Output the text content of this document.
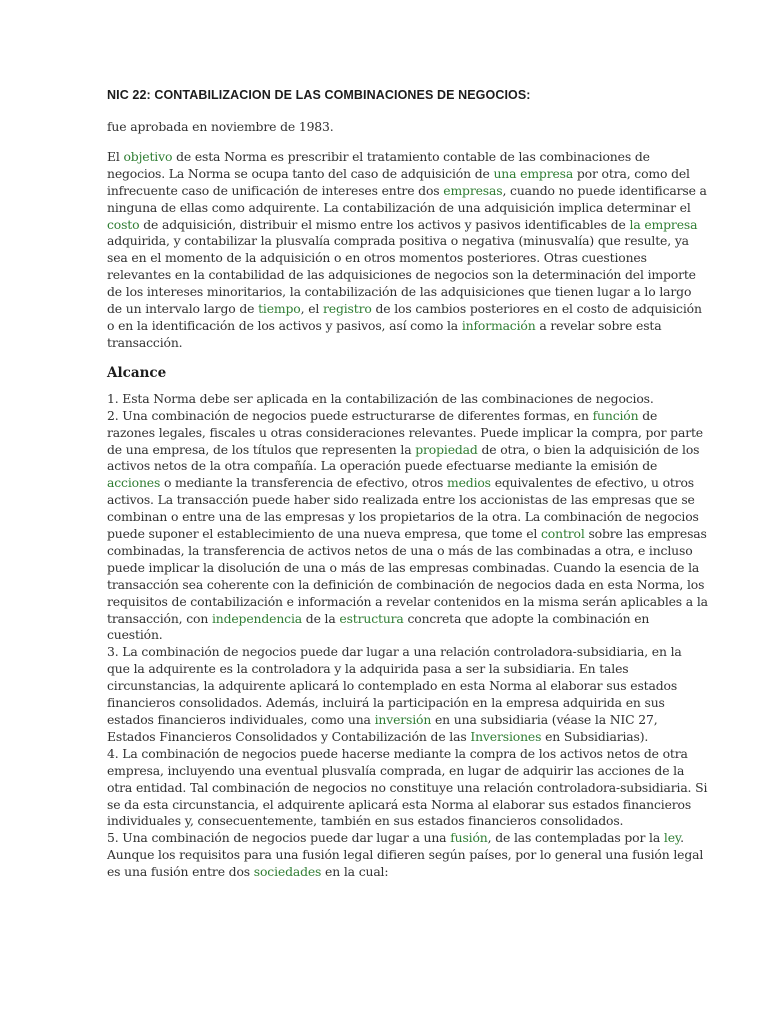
NIC 22: CONTABILIZACION DE LAS COMBINACIONES DE NEGOCIOS:
fue aprobada en noviembre de 1983.
El objetivo de esta Norma es prescribir el tratamiento contable de las combinaciones de negocios. La Norma se ocupa tanto del caso de adquisición de una empresa por otra, como del infrecuente caso de unificación de intereses entre dos empresas, cuando no puede identificarse a ninguna de ellas como adquirente. La contabilización de una adquisición implica determinar el costo de adquisición, distribuir el mismo entre los activos y pasivos identificables de la empresa adquirida, y contabilizar la plusvalía comprada positiva o negativa (minusvalía) que resulte, ya sea en el momento de la adquisición o en otros momentos posteriores. Otras cuestiones relevantes en la contabilidad de las adquisiciones de negocios son la determinación del importe de los intereses minoritarios, la contabilización de las adquisiciones que tienen lugar a lo largo de un intervalo largo de tiempo, el registro de los cambios posteriores en el costo de adquisición o en la identificación de los activos y pasivos, así como la información a revelar sobre esta transacción.
Alcance
1. Esta Norma debe ser aplicada en la contabilización de las combinaciones de negocios.
2. Una combinación de negocios puede estructurarse de diferentes formas, en función de razones legales, fiscales u otras consideraciones relevantes. Puede implicar la compra, por parte de una empresa, de los títulos que representen la propiedad de otra, o bien la adquisición de los activos netos de la otra compañía. La operación puede efectuarse mediante la emisión de acciones o mediante la transferencia de efectivo, otros medios equivalentes de efectivo, u otros activos. La transacción puede haber sido realizada entre los accionistas de las empresas que se combinan o entre una de las empresas y los propietarios de la otra. La combinación de negocios puede suponer el establecimiento de una nueva empresa, que tome el control sobre las empresas combinadas, la transferencia de activos netos de una o más de las combinadas a otra, e incluso puede implicar la disolución de una o más de las empresas combinadas. Cuando la esencia de la transacción sea coherente con la definición de combinación de negocios dada en esta Norma, los requisitos de contabilización e información a revelar contenidos en la misma serán aplicables a la transacción, con independencia de la estructura concreta que adopte la combinación en cuestión.
3. La combinación de negocios puede dar lugar a una relación controladora-subsidiaria, en la que la adquirente es la controladora y la adquirida pasa a ser la subsidiaria. En tales circunstancias, la adquirente aplicará lo contemplado en esta Norma al elaborar sus estados financieros consolidados. Además, incluirá la participación en la empresa adquirida en sus estados financieros individuales, como una inversión en una subsidiaria (véase la NIC 27, Estados Financieros Consolidados y Contabilización de las Inversiones en Subsidiarias).
4. La combinación de negocios puede hacerse mediante la compra de los activos netos de otra empresa, incluyendo una eventual plusvalía comprada, en lugar de adquirir las acciones de la otra entidad. Tal combinación de negocios no constituye una relación controladora-subsidiaria. Si se da esta circunstancia, el adquirente aplicará esta Norma al elaborar sus estados financieros individuales y, consecuentemente, también en sus estados financieros consolidados.
5. Una combinación de negocios puede dar lugar a una fusión, de las contempladas por la ley. Aunque los requisitos para una fusión legal difieren según países, por lo general una fusión legal es una fusión entre dos sociedades en la cual:
